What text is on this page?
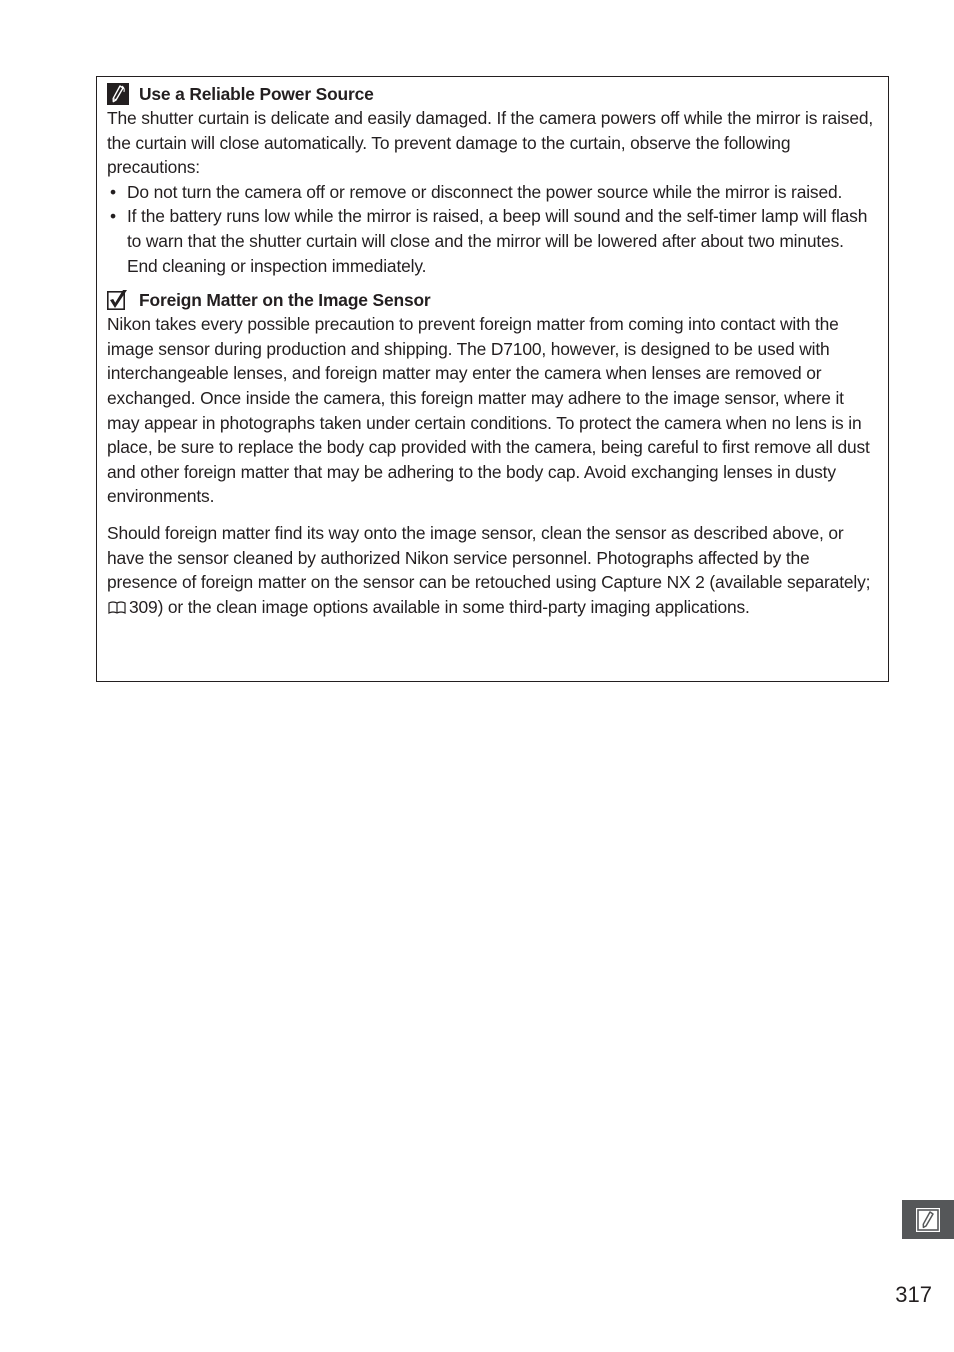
Use a Reliable Power Source

The shutter curtain is delicate and easily damaged. If the camera powers off while the mirror is raised, the curtain will close automatically. To prevent damage to the curtain, observe the following precautions:

• Do not turn the camera off or remove or disconnect the power source while the mirror is raised.
• If the battery runs low while the mirror is raised, a beep will sound and the self-timer lamp will flash to warn that the shutter curtain will close and the mirror will be lowered after about two minutes. End cleaning or inspection immediately.
Foreign Matter on the Image Sensor

Nikon takes every possible precaution to prevent foreign matter from coming into contact with the image sensor during production and shipping. The D7100, however, is designed to be used with interchangeable lenses, and foreign matter may enter the camera when lenses are removed or exchanged. Once inside the camera, this foreign matter may adhere to the image sensor, where it may appear in photographs taken under certain conditions. To protect the camera when no lens is in place, be sure to replace the body cap provided with the camera, being careful to first remove all dust and other foreign matter that may be adhering to the body cap. Avoid exchanging lenses in dusty environments.

Should foreign matter find its way onto the image sensor, clean the sensor as described above, or have the sensor cleaned by authorized Nikon service personnel. Photographs affected by the presence of foreign matter on the sensor can be retouched using Capture NX 2 (available separately; 309) or the clean image options available in some third-party imaging applications.

317
